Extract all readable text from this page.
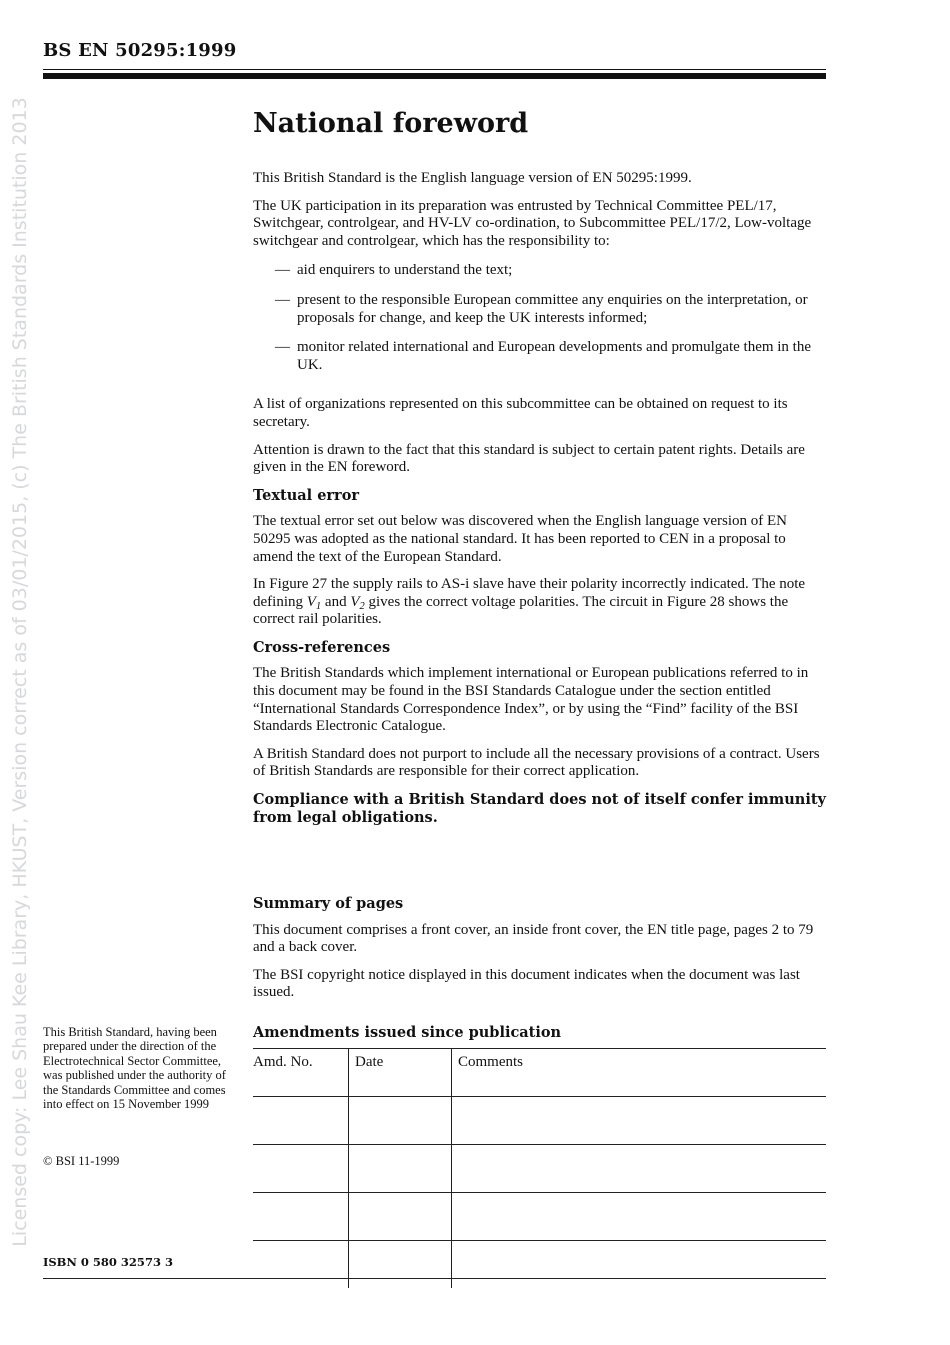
BS EN 50295:1999
Licensed copy: Lee Shau Kee Library, HKUST, Version correct as of 03/01/2015, (c) The British Standards Institution 2013	National foreword

This British Standard is the English language version of EN 50295:1999.

The UK participation in its preparation was entrusted by Technical Committee PEL/17, Switchgear, controlgear, and HV-LV co-ordination, to Subcommittee PEL/17/2, Low-voltage switchgear and controlgear, which has the responsibility to:

— aid enquirers to understand the text;
— present to the responsible European committee any enquiries on the interpretation, or proposals for change, and keep the UK interests informed;
— monitor related international and European developments and promulgate them in the UK.

A list of organizations represented on this subcommittee can be obtained on request to its secretary.

Attention is drawn to the fact that this standard is subject to certain patent rights. Details are given in the EN foreword.

Textual error

The textual error set out below was discovered when the English language version of EN 50295 was adopted as the national standard. It has been reported to CEN in a proposal to amend the text of the European Standard.

In Figure 27 the supply rails to AS-i slave have their polarity incorrectly indicated. The note defining $V_1$ and $V_2$ gives the correct voltage polarities. The circuit in Figure 28 shows the correct rail polarities.

Cross-references

The British Standards which implement international or European publications referred to in this document may be found in the BSI Standards Catalogue under the section entitled “International Standards Correspondence Index”, or by using the “Find” facility of the BSI Standards Electronic Catalogue.

A British Standard does not purport to include all the necessary provisions of a contract. Users of British Standards are responsible for their correct application.

Compliance with a British Standard does not of itself confer immunity from legal obligations.

Summary of pages

This document comprises a front cover, an inside front cover, the EN title page, pages 2 to 79 and a back cover.

The BSI copyright notice displayed in this document indicates when the document was last issued.

Amendments issued since publication
Amd. No.	Date	Comments

This British Standard, having been prepared under the direction of the Electrotechnical Sector Committee, was published under the authority of the Standards Committee and comes into effect on 15 November 1999

© BSI 11-1999

ISBN 0 580 32573 3
